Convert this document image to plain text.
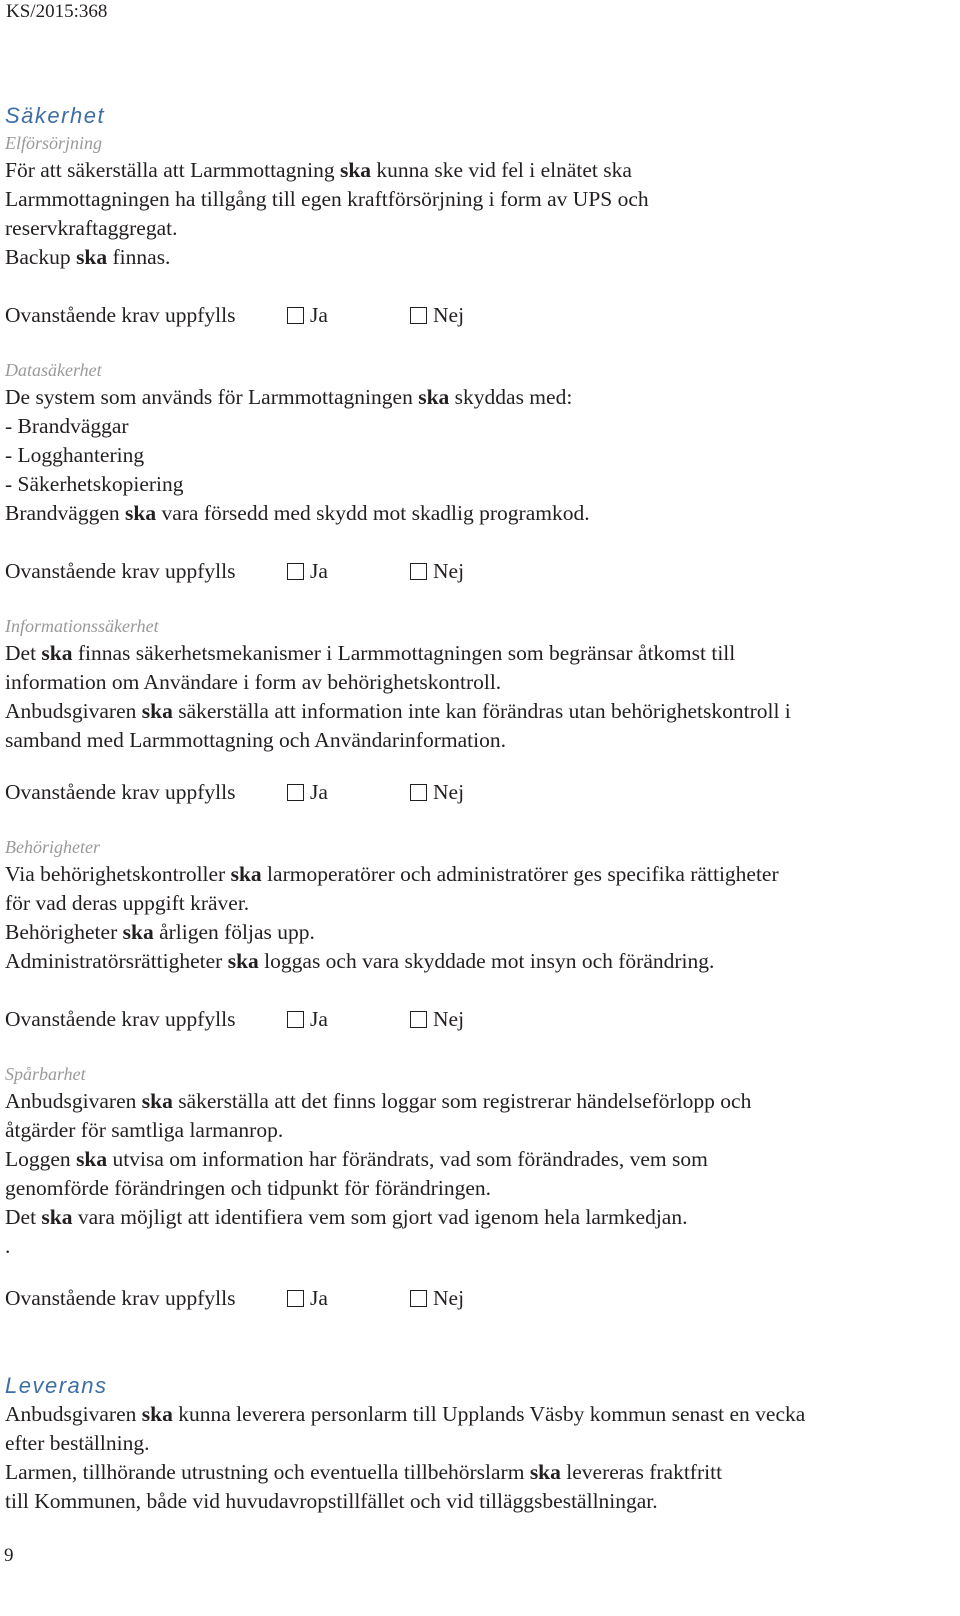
KS/2015:368
Säkerhet
Elförsörjning
För att säkerställa att Larmmottagning ska kunna ske vid fel i elnätet ska
Larmmottagningen ha tillgång till egen kraftförsörjning i form av UPS och
reservkraftaggregat.
Backup ska finnas.
Ovanstående krav uppfylls	Ja	Nej
Datasäkerhet
De system som används för Larmmottagningen ska skyddas med:
- Brandväggar
- Logghantering
- Säkerhetskopiering
Brandväggen ska vara försedd med skydd mot skadlig programkod.
Ovanstående krav uppfylls	Ja	Nej
Informationssäkerhet
Det ska finnas säkerhetsmekanismer i Larmmottagningen som begränsar åtkomst till
information om Användare i form av behörighetskontroll.
Anbudsgivaren ska säkerställa att information inte kan förändras utan behörighetskontroll i
samband med Larmmottagning och Användarinformation.
Ovanstående krav uppfylls	Ja	Nej
Behörigheter
Via behörighetskontroller ska larmoperatörer och administratörer ges specifika rättigheter
för vad deras uppgift kräver.
Behörigheter ska årligen följas upp.
Administratörsrättigheter ska loggas och vara skyddade mot insyn och förändring.
Ovanstående krav uppfylls	Ja	Nej
Spårbarhet
Anbudsgivaren ska säkerställa att det finns loggar som registrerar händelseförlopp och
åtgärder för samtliga larmanrop.
Loggen ska utvisa om information har förändrats, vad som förändrades, vem som
genomförde förändringen och tidpunkt för förändringen.
Det ska vara möjligt att identifiera vem som gjort vad igenom hela larmkedjan.
.
Ovanstående krav uppfylls	Ja	Nej
Leverans
Anbudsgivaren ska kunna leverera personlarm till Upplands Väsby kommun senast en vecka
efter beställning.
Larmen, tillhörande utrustning och eventuella tillbehörslarm ska levereras fraktfritt
till Kommunen, både vid huvudavropstillfället och vid tilläggsbeställningar.
9
